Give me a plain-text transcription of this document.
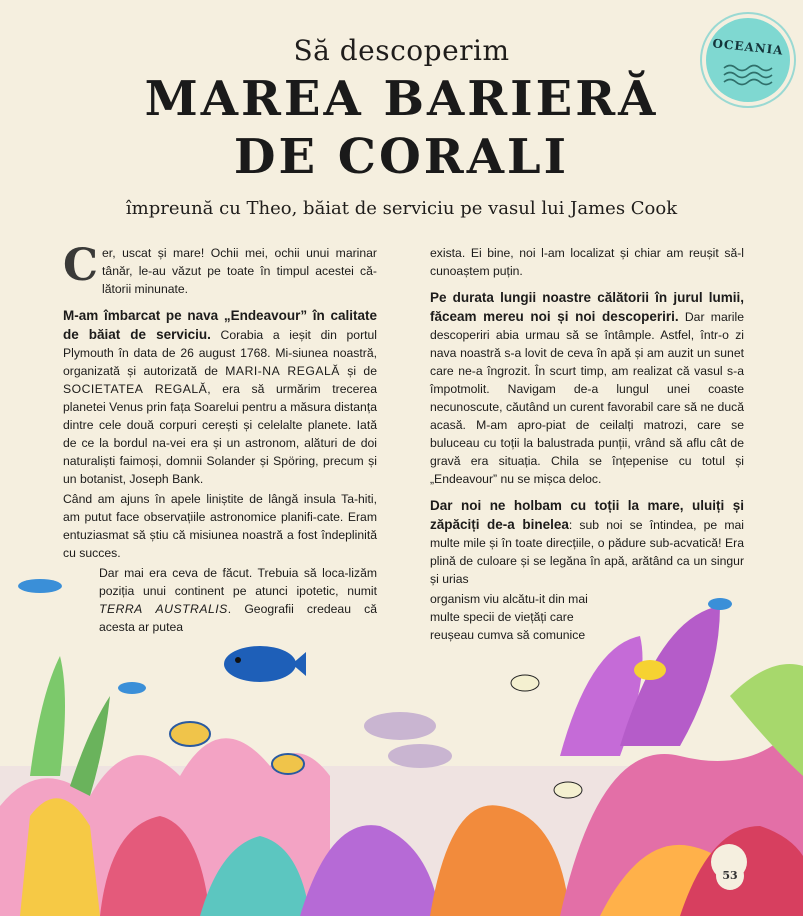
Să descoperim
MAREA BARIERĂ
DE CORALI
împreună cu Theo, băiat de serviciu pe vasul lui James Cook
OCEANIA

C er, uscat și mare! Ochii mei, ochii unui marinar tânăr, le-au văzut pe toate în timpul acestei că-lătorii minunate.

M-am îmbarcat pe nava „Endeavour” în calitate de băiat de serviciu. Corabia a ieșit din portul Plymouth în data de 26 august 1768. Mi-siunea noastră, organizată și autorizată de MARI-NA REGALĂ și de SOCIETATEA REGALĂ, era să urmărim trecerea planetei Venus prin fața Soarelui pentru a măsura distanța dintre cele două corpuri cerești și celelalte planete. Iată de ce la bordul na-vei era și un astronom, alături de doi naturaliști faimoși, domnii Solander și Spöring, precum și un botanist, Joseph Bank.

Când am ajuns în apele liniștite de lângă insula Ta-hiti, am putut face observațiile astronomice planifi-cate. Eram entuziasmat să știu că misiunea noastră a fost îndeplinită cu succes.

Dar mai era ceva de făcut. Trebuia să loca-lizăm poziția unui continent pe atunci ipotetic, numit TERRA AUSTRALIS. Geografii credeau că acesta ar putea

exista. Ei bine, noi l-am localizat și chiar am reușit să-l cunoaștem puțin.

Pe durata lungii noastre călătorii în jurul lumii, făceam mereu noi și noi descoperiri. Dar marile descoperiri abia urmau să se întâmple. Astfel, într-o zi nava noastră s-a lovit de ceva în apă și am auzit un sunet care ne-a îngrozit. În scurt timp, am realizat că vasul s-a împotmolit. Navigam de-a lungul unei coaste necunoscute, căutând un curent favorabil care să ne ducă acasă. M-am apro-piat de ceilalți matrozi, care se buluceau cu toții la balustrada punții, vrând să aflu cât de gravă era situația. Chila se înțepenise cu totul și „Endeavour” nu se mișca deloc.

Dar noi ne holbam cu toții la mare, uluiți și zăpăciți de-a binelea: sub noi se întindea, pe mai multe mile și în toate direcțiile, o pădure sub-acvatică! Era plină de culoare și se legăna în apă, arătând ca un singur și urias

organism viu alcătu-it din mai multe specii de viețăți care reușeau cumva să comunice

53
